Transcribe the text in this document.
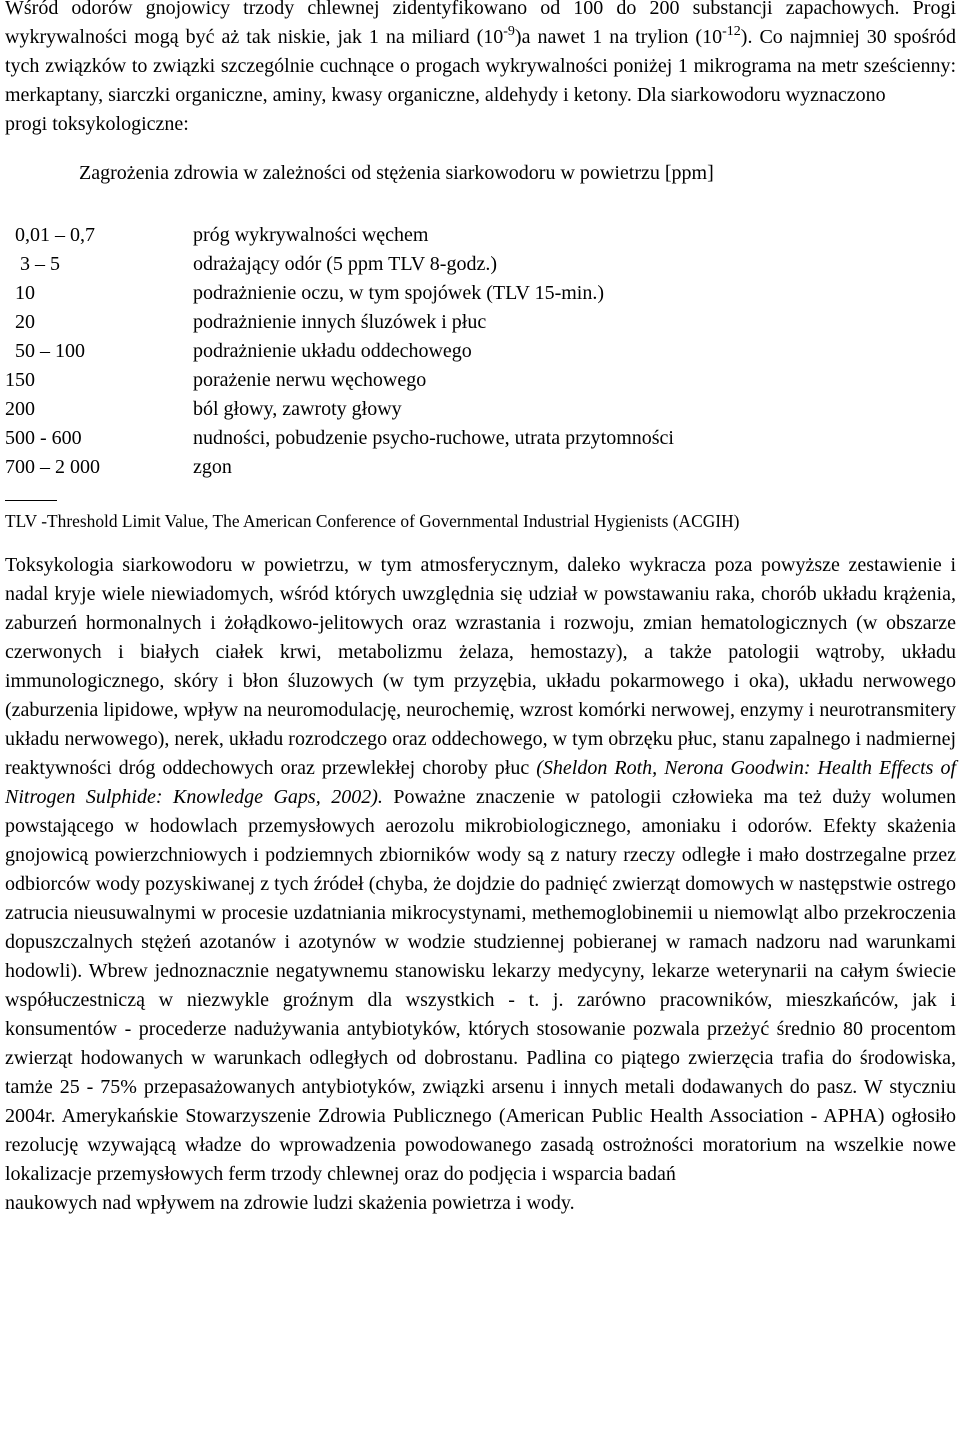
Wśród odorów gnojowicy trzody chlewnej zidentyfikowano od 100 do 200 substancji zapachowych. Progi wykrywalności mogą być aż tak niskie, jak 1 na miliard $(10^{-9})a$ nawet 1 na trylion $(10^{-12})$. Co najmniej 30 spośród tych związków to związki szczególnie cuchnące o progach wykrywalności poniżej 1 mikrograma na metr sześcienny: merkaptany, siarczki organiczne, aminy, kwasy organiczne, aldehydy i ketony. Dla siarkowodoru wyznaczono
progi toksykologiczne:

Zagrożenia zdrowia w zależności od stężenia siarkowodoru w powietrzu [ppm]
0,01 – 0,7	próg wykrywalności węchem
3 – 5	odrażający odór (5 ppm TLV 8-godz.)
10	podrażnienie oczu, w tym spojówek (TLV 15-min.)
20	podrażnienie innych śluzówek i płuc
50 – 100	podrażnienie układu oddechowego
150	porażenie nerwu węchowego
200	ból głowy, zawroty głowy
500 - 600	nudności, pobudzenie psycho-ruchowe, utrata przytomności
700 – 2 000	zgon
TLV -Threshold Limit Value, The American Conference of Governmental Industrial Hygienists (ACGIH)

Toksykologia siarkowodoru w powietrzu, w tym atmosferycznym, daleko wykracza poza powyższe zestawienie i nadal kryje wiele niewiadomych, wśród których uwzględnia się udział w powstawaniu raka, chorób układu krążenia, zaburzeń hormonalnych i żołądkowo-jelitowych oraz wzrastania i rozwoju, zmian hematologicznych (w obszarze czerwonych i białych ciałek krwi, metabolizmu żelaza, hemostazy), a także patologii wątroby, układu immunologicznego, skóry i błon śluzowych (w tym przyzębia, układu pokarmowego i oka), układu nerwowego (zaburzenia lipidowe, wpływ na neuromodulację, neurochemię, wzrost komórki nerwowej, enzymy i neurotransmitery układu nerwowego), nerek, układu rozrodczego oraz oddechowego, w tym obrzęku płuc, stanu zapalnego i nadmiernej reaktywności dróg oddechowych oraz przewlekłej choroby płuc (Sheldon Roth, Nerona Goodwin: Health Effects of Nitrogen Sulphide: Knowledge Gaps, 2002). Poważne znaczenie w patologii człowieka ma też duży wolumen powstającego w hodowlach przemysłowych aerozolu mikrobiologicznego, amoniaku i odorów. Efekty skażenia gnojowicą powierzchniowych i podziemnych zbiorników wody są z natury rzeczy odległe i mało dostrzegalne przez odbiorców wody pozyskiwanej z tych źródeł (chyba, że dojdzie do padnięć zwierząt domowych w następstwie ostrego zatrucia nieusuwalnymi w procesie uzdatniania mikrocystynami, methemoglobinemii u niemowląt albo przekroczenia dopuszczalnych stężeń azotanów i azotynów w wodzie studziennej pobieranej w ramach nadzoru nad warunkami hodowli). Wbrew jednoznacznie negatywnemu stanowisku lekarzy medycyny, lekarze weterynarii na całym świecie współuczestniczą w niezwykle groźnym dla wszystkich - t. j. zarówno pracowników, mieszkańców, jak i konsumentów - procederze nadużywania antybiotyków, których stosowanie pozwala przeżyć średnio 80 procentom zwierząt hodowanych w warunkach odległych od dobrostanu. Padlina co piątego zwierzęcia trafia do środowiska, tamże 25 - 75% przepasażowanych antybiotyków, związki arsenu i innych metali dodawanych do pasz. W styczniu 2004r. Amerykańskie Stowarzyszenie Zdrowia Publicznego (American Public Health Association - APHA) ogłosiło rezolucję wzywającą władze do wprowadzenia powodowanego zasadą ostrożności moratorium na wszelkie nowe lokalizacje przemysłowych ferm trzody chlewnej oraz do podjęcia i wsparcia badań
naukowych nad wpływem na zdrowie ludzi skażenia powietrza i wody.
